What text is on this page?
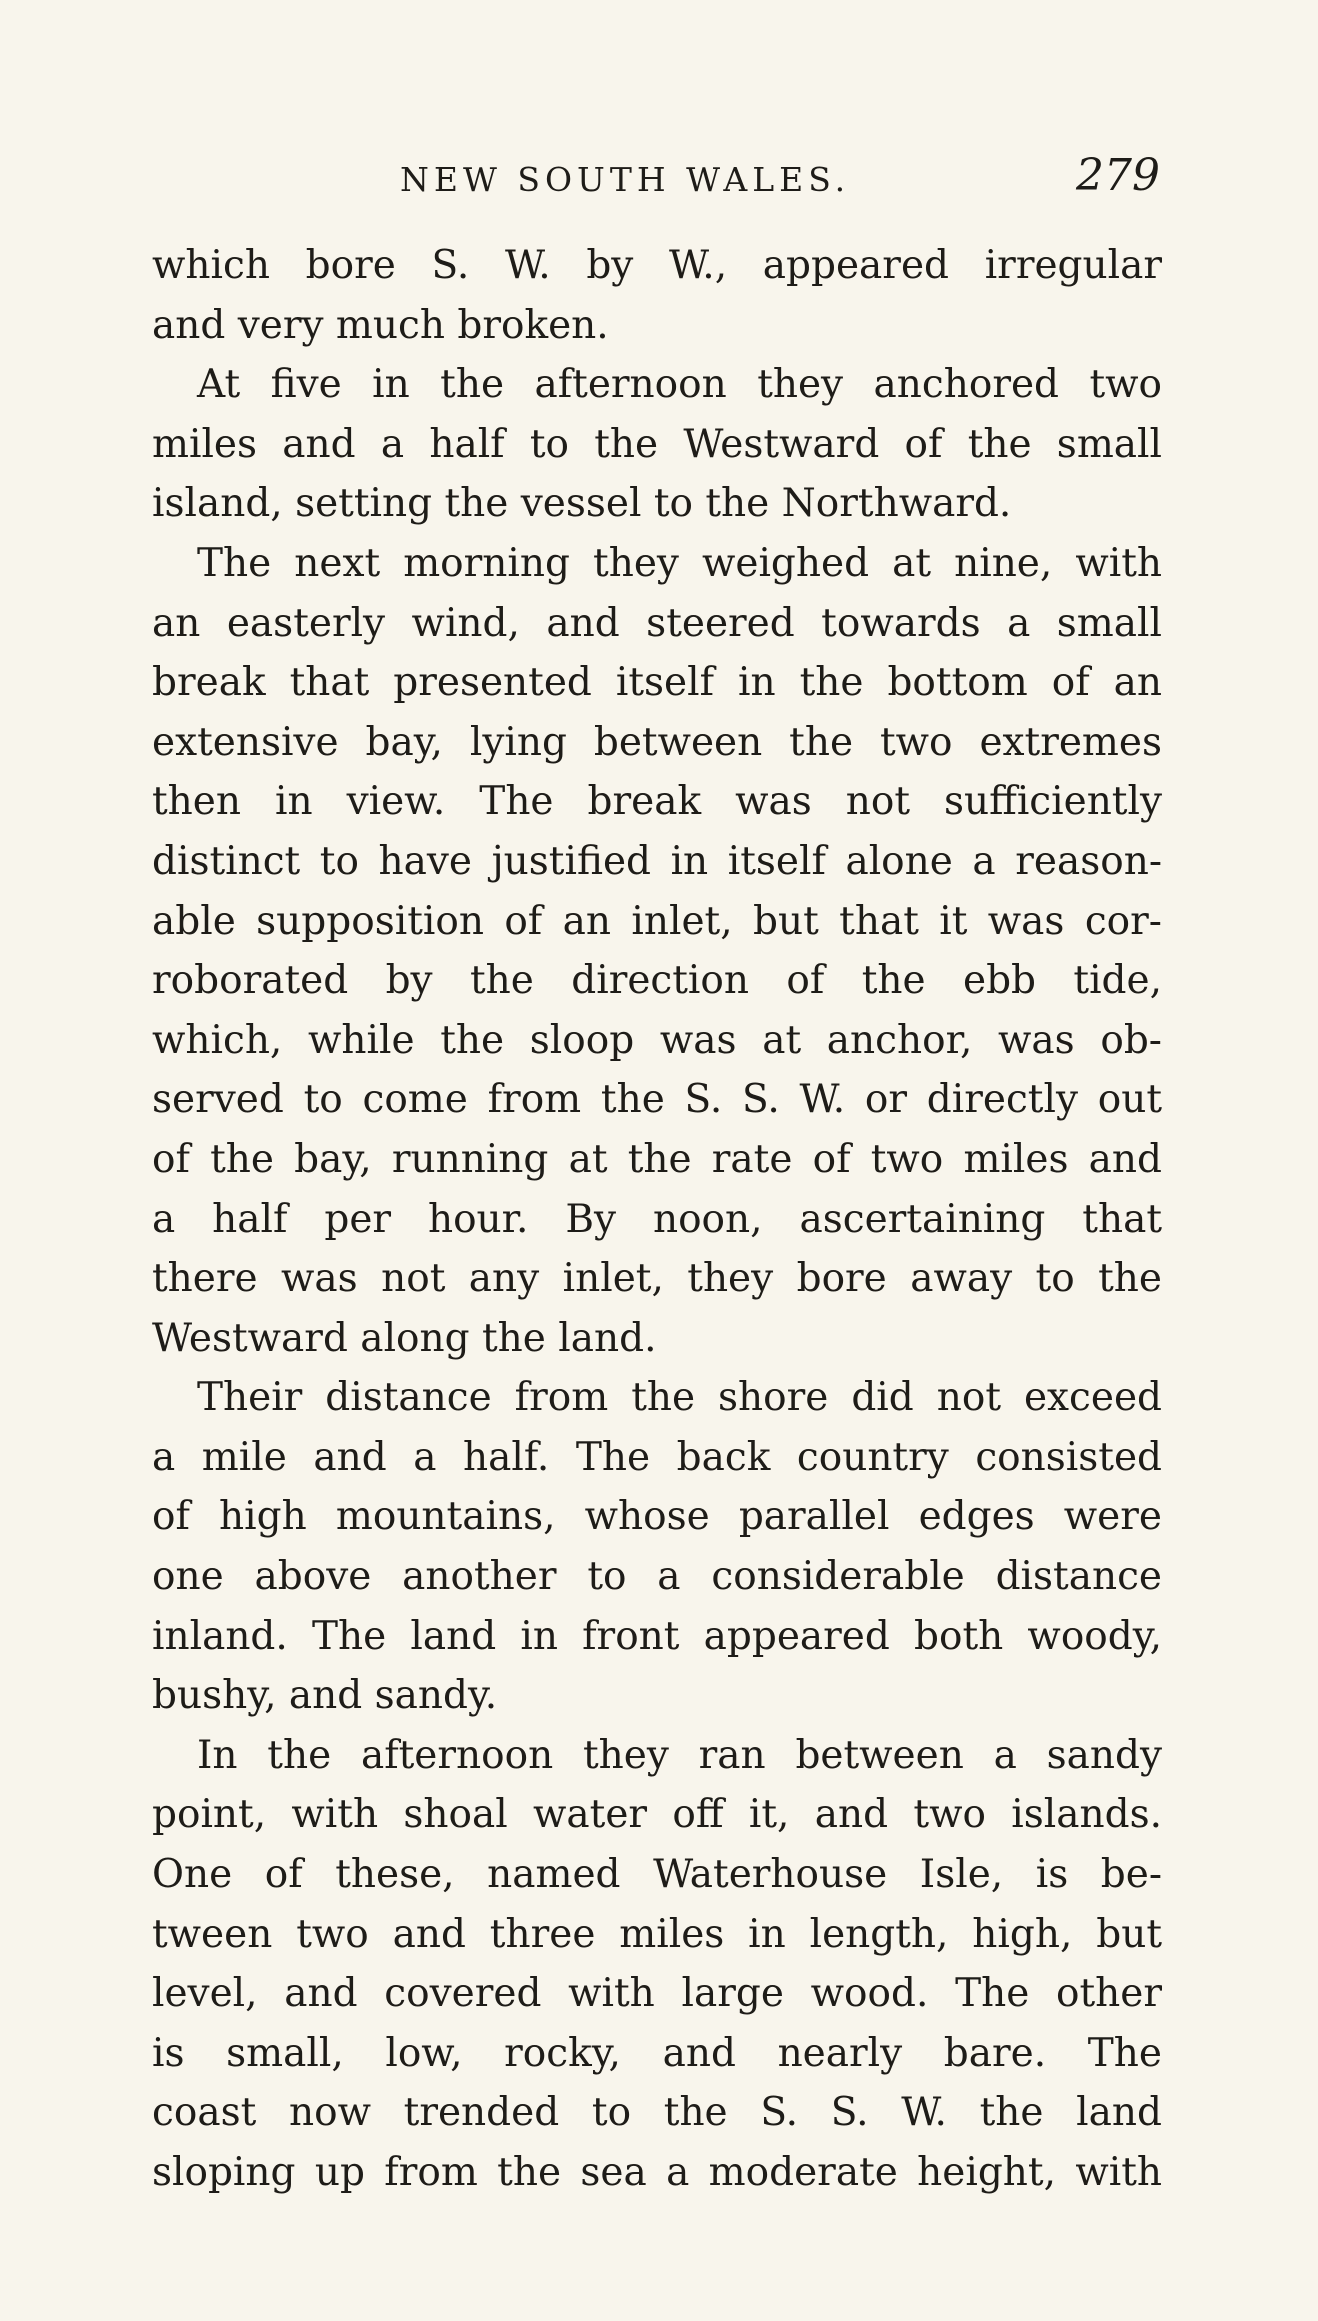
NEW SOUTH WALES.	279
which bore S. W. by W., appeared irregular
and very much broken.
At five in the afternoon they anchored two
miles and a half to the Westward of the small
island, setting the vessel to the Northward.
The next morning they weighed at nine, with
an easterly wind, and steered towards a small
break that presented itself in the bottom of an
extensive bay, lying between the two extremes
then in view. The break was not sufficiently
distinct to have justified in itself alone a reason-
able supposition of an inlet, but that it was cor-
roborated by the direction of the ebb tide,
which, while the sloop was at anchor, was ob-
served to come from the S. S. W. or directly out
of the bay, running at the rate of two miles and
a half per hour. By noon, ascertaining that
there was not any inlet, they bore away to the
Westward along the land.
Their distance from the shore did not exceed
a mile and a half. The back country consisted
of high mountains, whose parallel edges were
one above another to a considerable distance
inland. The land in front appeared both woody,
bushy, and sandy.
In the afternoon they ran between a sandy
point, with shoal water off it, and two islands.
One of these, named Waterhouse Isle, is be-
tween two and three miles in length, high, but
level, and covered with large wood. The other
is small, low, rocky, and nearly bare. The
coast now trended to the S. S. W. the land
sloping up from the sea a moderate height, with
